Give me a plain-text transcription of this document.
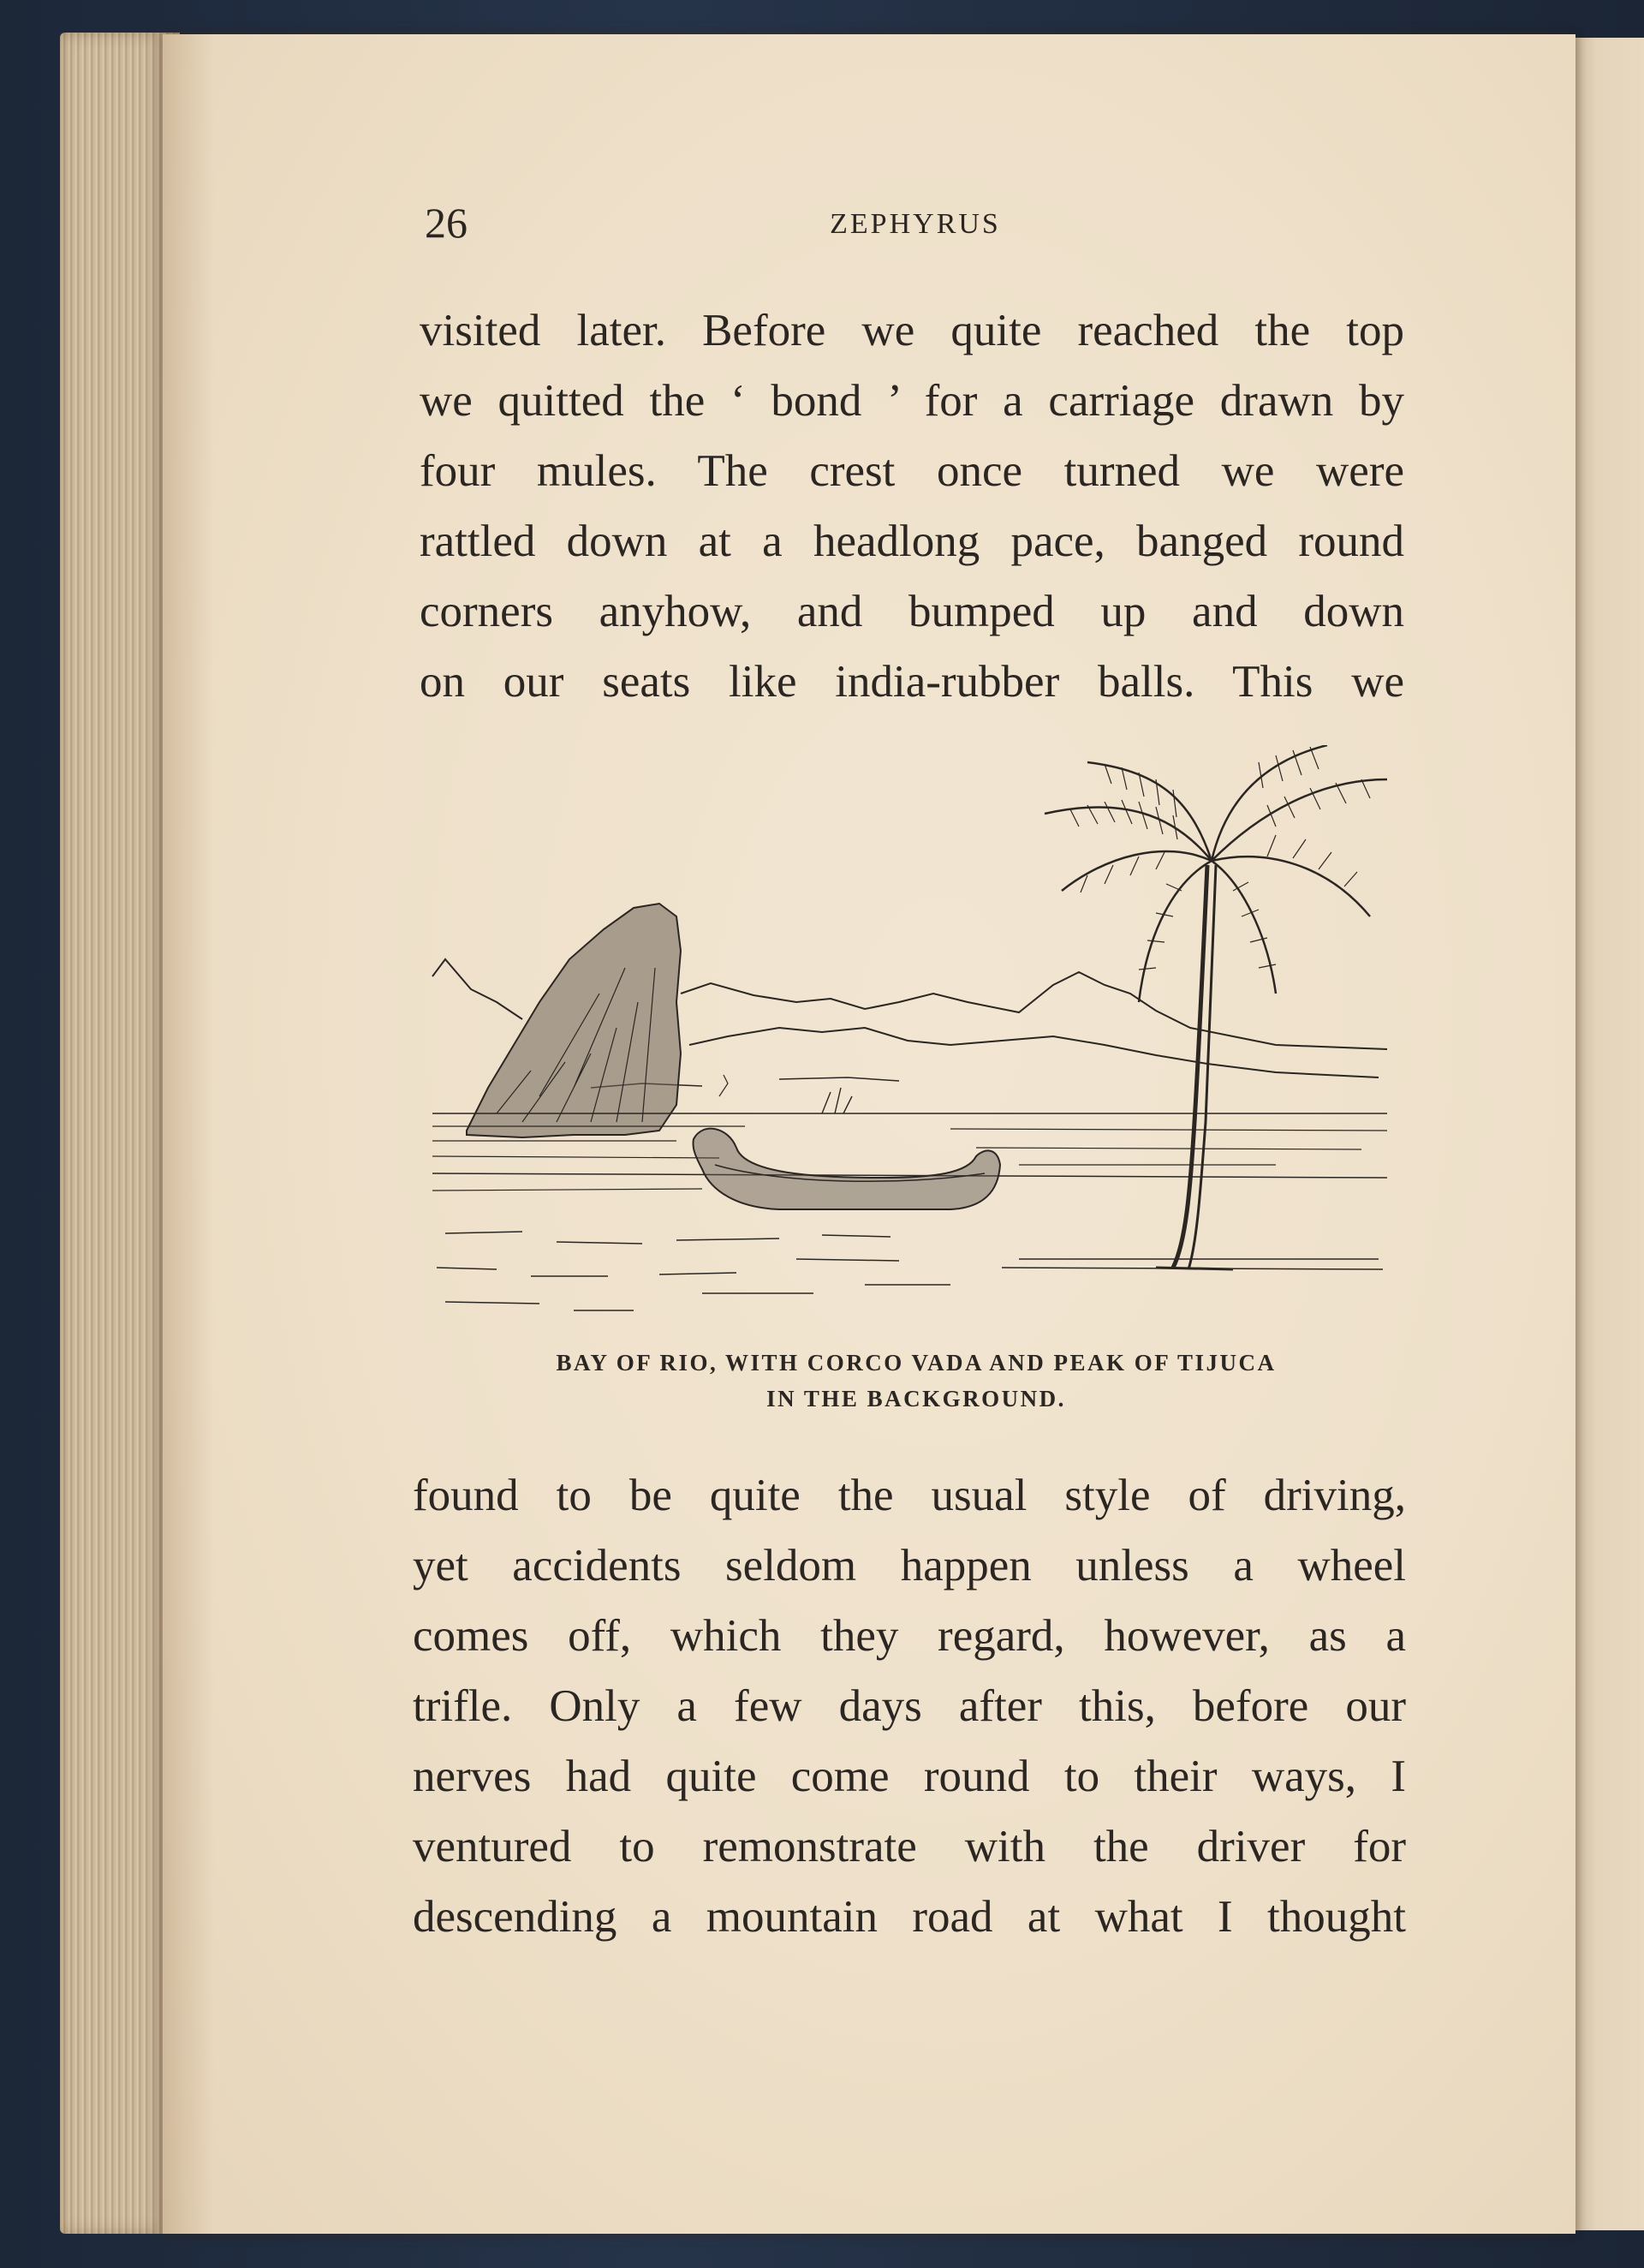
26	ZEPHYRUS
visited later. Before we quite reached the top
we quitted the ‘ bond ’ for a carriage drawn by
four mules. The crest once turned we were
rattled down at a headlong pace, banged round
corners anyhow, and bumped up and down
on our seats like india-rubber balls. This we
BAY OF RIO, WITH CORCO VADA AND PEAK OF TIJUCA
IN THE BACKGROUND.
found to be quite the usual style of driving,
yet accidents seldom happen unless a wheel
comes off, which they regard, however, as a
trifle. Only a few days after this, before our
nerves had quite come round to their ways, I
ventured to remonstrate with the driver for
descending a mountain road at what I thought
